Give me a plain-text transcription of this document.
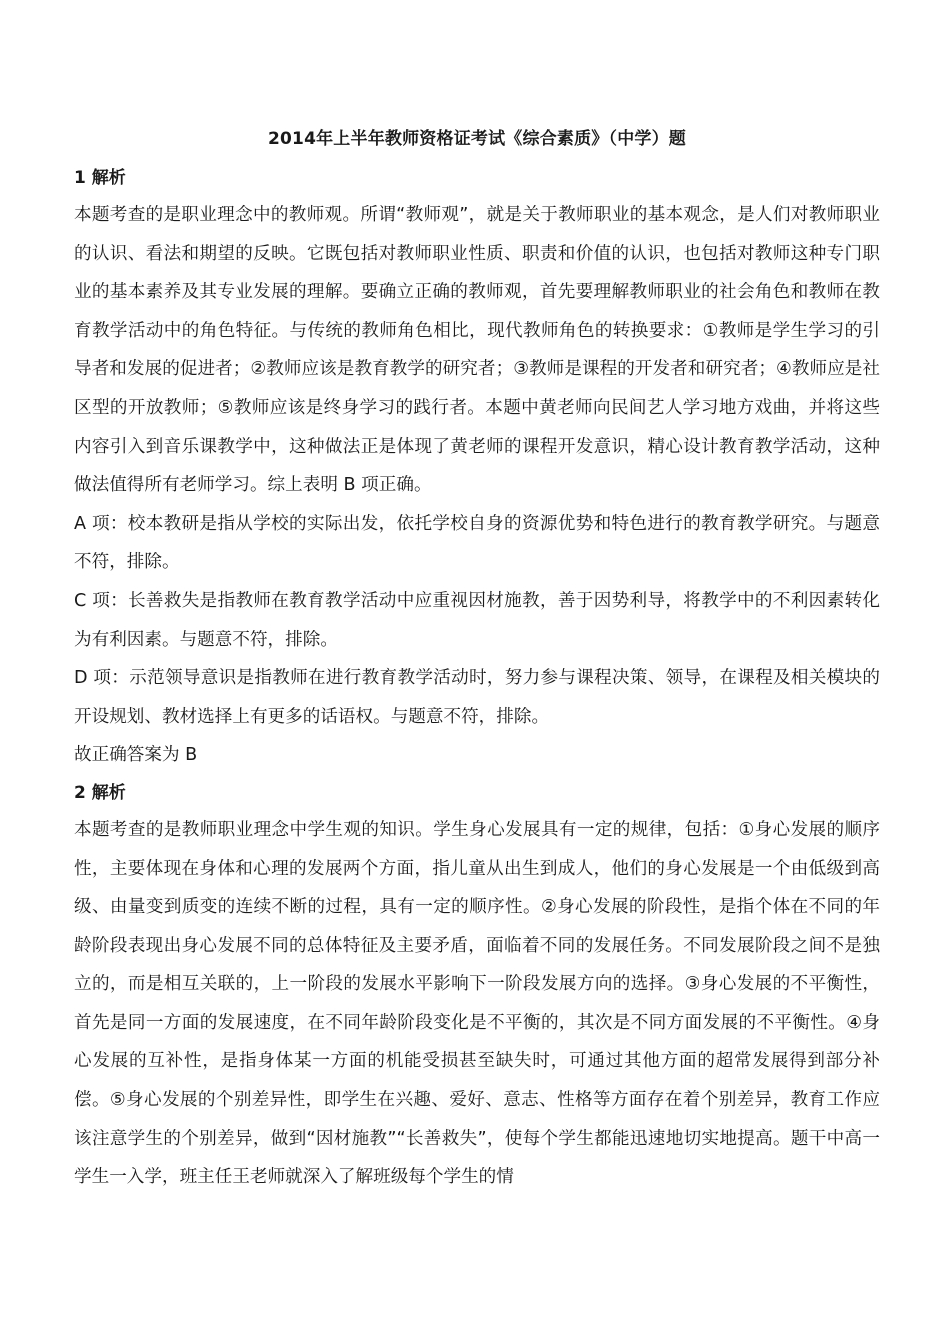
2014年上半年教师资格证考试《综合素质》（中学）题
1 解析

本题考查的是职业理念中的教师观。所谓“教师观”，就是关于教师职业的基本观念，是人们对教师职业的认识、看法和期望的反映。它既包括对教师职业性质、职责和价值的认识，也包括对教师这种专门职业的基本素养及其专业发展的理解。要确立正确的教师观，首先要理解教师职业的社会角色和教师在教育教学活动中的角色特征。与传统的教师角色相比，现代教师角色的转换要求：①教师是学生学习的引导者和发展的促进者；②教师应该是教育教学的研究者；③教师是课程的开发者和研究者；④教师应是社区型的开放教师；⑤教师应该是终身学习的践行者。本题中黄老师向民间艺人学习地方戏曲，并将这些内容引入到音乐课教学中，这种做法正是体现了黄老师的课程开发意识，精心设计教育教学活动，这种做法值得所有老师学习。综上表明 B 项正确。

A 项：校本教研是指从学校的实际出发，依托学校自身的资源优势和特色进行的教育教学研究。与题意不符，排除。

C 项：长善救失是指教师在教育教学活动中应重视因材施教，善于因势利导，将教学中的不利因素转化为有利因素。与题意不符，排除。

D 项：示范领导意识是指教师在进行教育教学活动时，努力参与课程决策、领导，在课程及相关模块的开设规划、教材选择上有更多的话语权。与题意不符，排除。

故正确答案为 B

2 解析

本题考查的是教师职业理念中学生观的知识。学生身心发展具有一定的规律，包括：①身心发展的顺序性，主要体现在身体和心理的发展两个方面，指儿童从出生到成人，他们的身心发展是一个由低级到高级、由量变到质变的连续不断的过程，具有一定的顺序性。②身心发展的阶段性，是指个体在不同的年龄阶段表现出身心发展不同的总体特征及主要矛盾，面临着不同的发展任务。不同发展阶段之间不是独立的，而是相互关联的，上一阶段的发展水平影响下一阶段发展方向的选择。③身心发展的不平衡性，首先是同一方面的发展速度，在不同年龄阶段变化是不平衡的，其次是不同方面发展的不平衡性。④身心发展的互补性，是指身体某一方面的机能受损甚至缺失时，可通过其他方面的超常发展得到部分补偿。⑤身心发展的个别差异性，即学生在兴趣、爱好、意志、性格等方面存在着个别差异，教育工作应该注意学生的个别差异，做到“因材施教”“长善救失”，使每个学生都能迅速地切实地提高。题干中高一学生一入学，班主任王老师就深入了解班级每个学生的情
